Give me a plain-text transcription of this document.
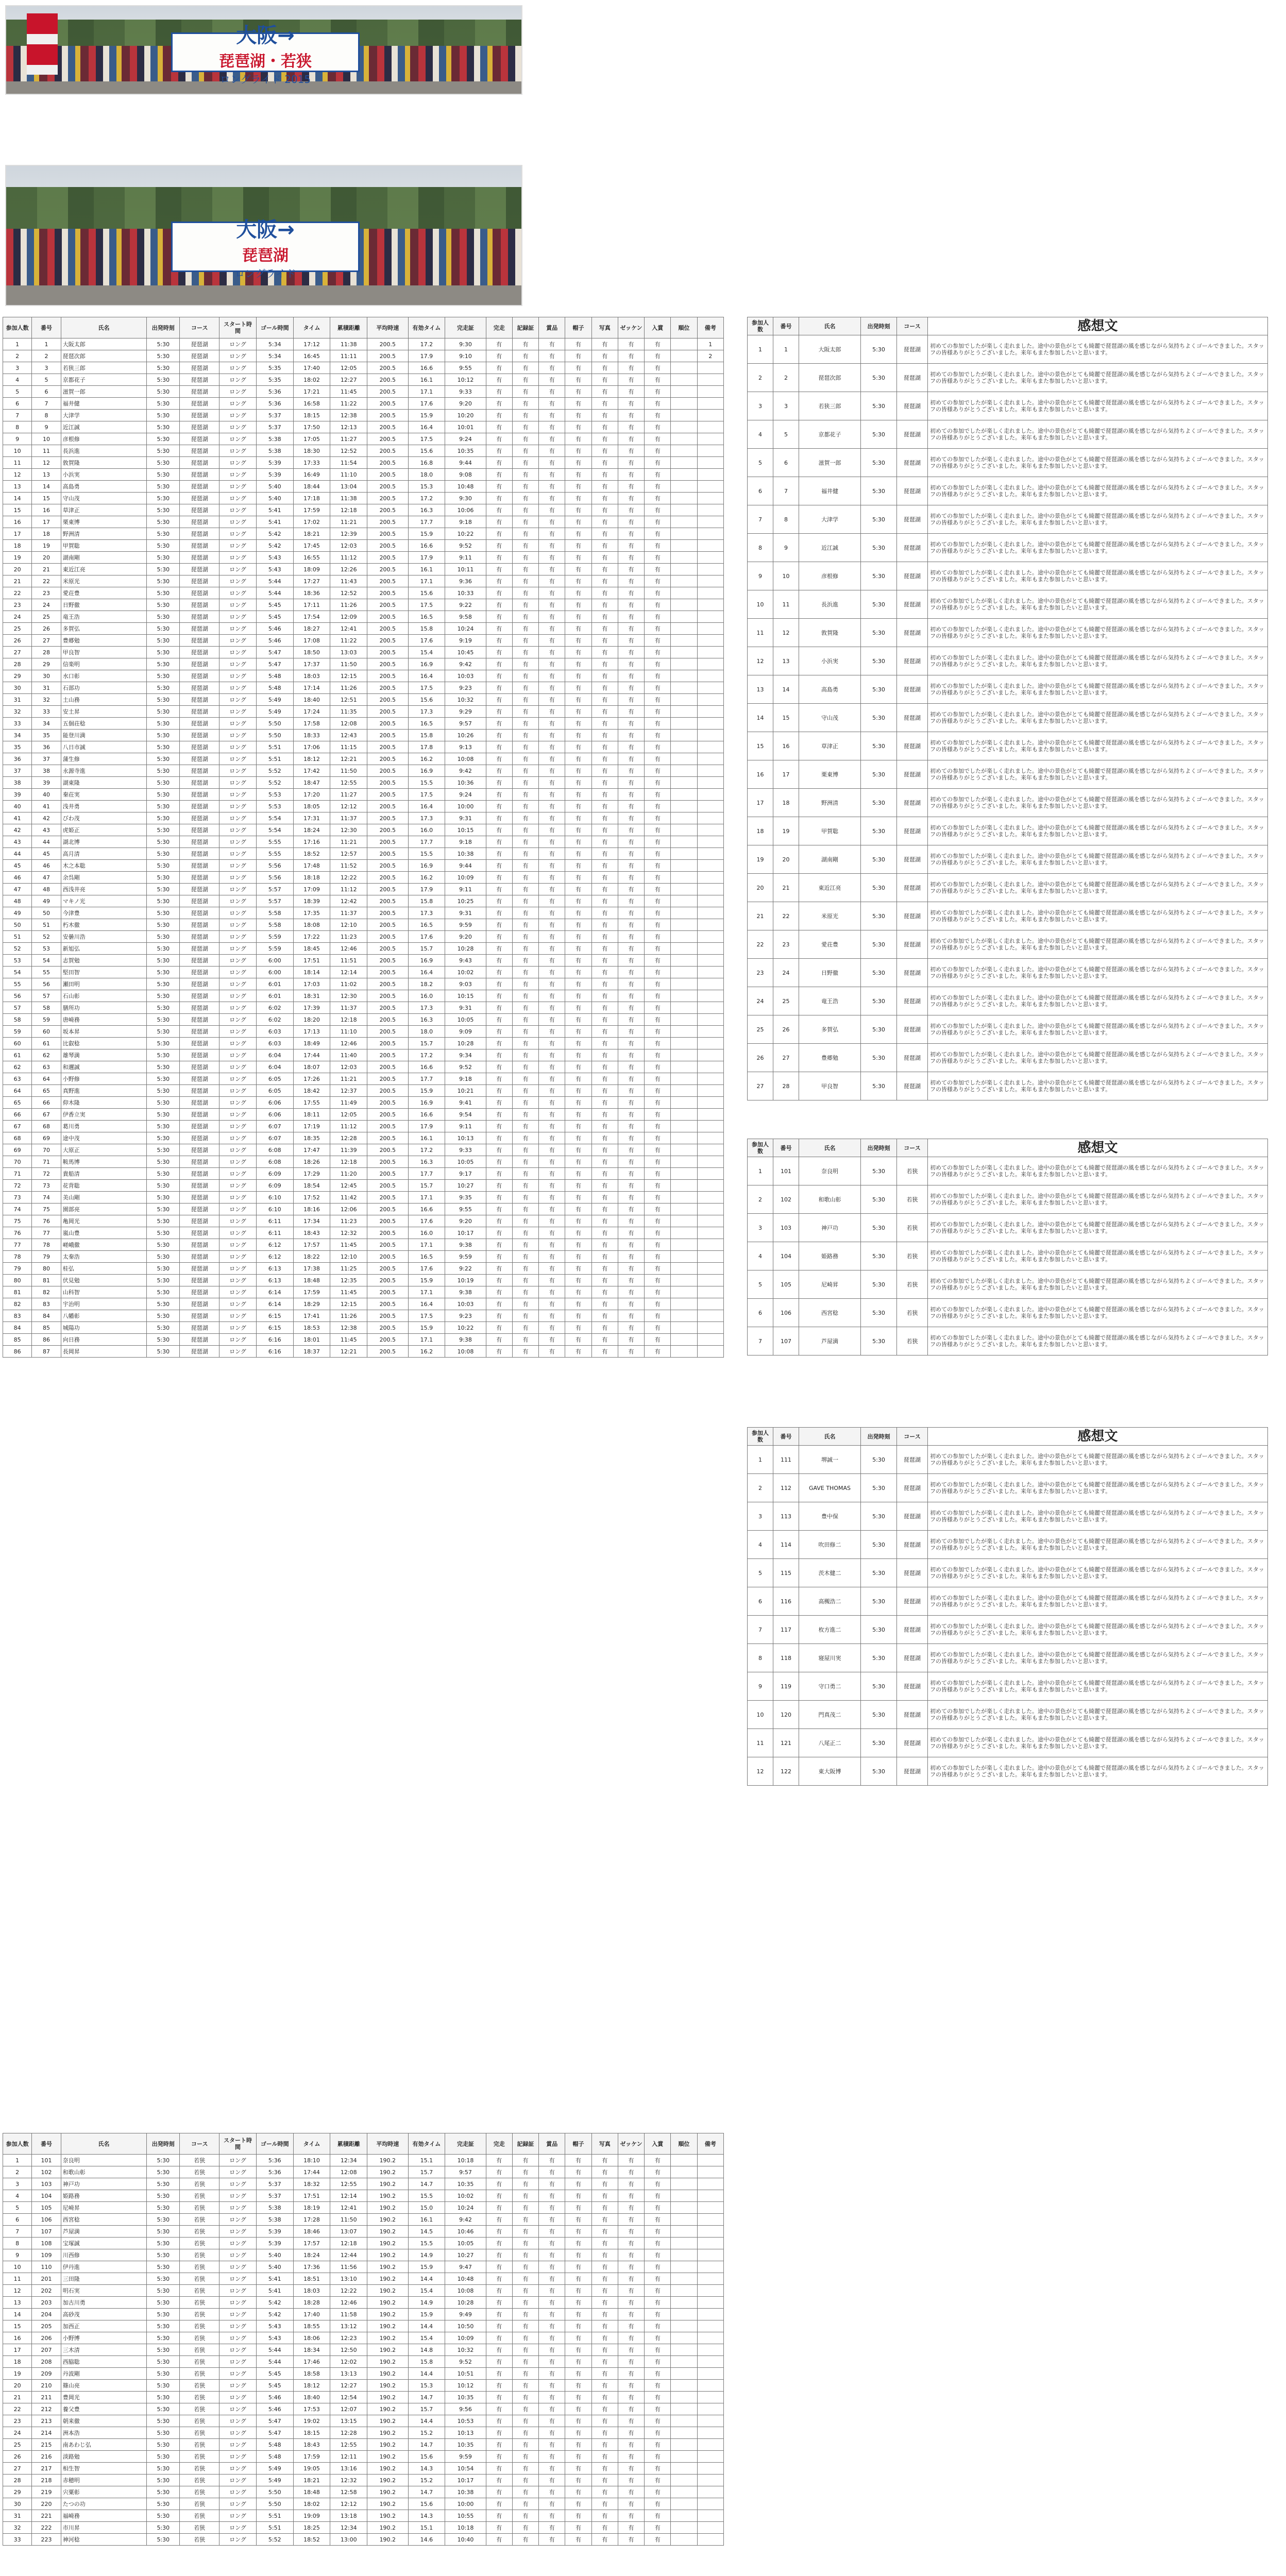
大阪→
琵琶湖・若狭
ロングライド 2015
大阪→
琵琶湖
ロングライド
参加人数	番号	氏名	出発時刻	コース	スタート時間	ゴール時間	タイム	累積距離	平均時速	有効タイム	完走証	完走	記録証	賞品	帽子	写真	ゼッケン	入賞	順位	備考
1	1	大阪太郎	5:30	琵琶湖	ロング	5:34	17:12	11:38	200.5	17.2	9:30	有	有	有	有	有	有	有		1
2	2	琵琶次郎	5:30	琵琶湖	ロング	5:34	16:45	11:11	200.5	17.9	9:10	有	有	有	有	有	有	有		2
3	3	若狭三郎	5:30	琵琶湖	ロング	5:35	17:40	12:05	200.5	16.6	9:55	有	有	有	有	有	有	有		
4	5	京都花子	5:30	琵琶湖	ロング	5:35	18:02	12:27	200.5	16.1	10:12	有	有	有	有	有	有	有		
5	6	滋賀一郎	5:30	琵琶湖	ロング	5:36	17:21	11:45	200.5	17.1	9:33	有	有	有	有	有	有	有		
6	7	福井健	5:30	琵琶湖	ロング	5:36	16:58	11:22	200.5	17.6	9:20	有	有	有	有	有	有	有		
7	8	大津学	5:30	琵琶湖	ロング	5:37	18:15	12:38	200.5	15.9	10:20	有	有	有	有	有	有	有		
8	9	近江誠	5:30	琵琶湖	ロング	5:37	17:50	12:13	200.5	16.4	10:01	有	有	有	有	有	有	有		
9	10	彦根修	5:30	琵琶湖	ロング	5:38	17:05	11:27	200.5	17.5	9:24	有	有	有	有	有	有	有		
10	11	長浜進	5:30	琵琶湖	ロング	5:38	18:30	12:52	200.5	15.6	10:35	有	有	有	有	有	有	有		
11	12	敦賀隆	5:30	琵琶湖	ロング	5:39	17:33	11:54	200.5	16.8	9:44	有	有	有	有	有	有	有		
12	13	小浜実	5:30	琵琶湖	ロング	5:39	16:49	11:10	200.5	18.0	9:08	有	有	有	有	有	有	有		
13	14	高島勇	5:30	琵琶湖	ロング	5:40	18:44	13:04	200.5	15.3	10:48	有	有	有	有	有	有	有		
14	15	守山茂	5:30	琵琶湖	ロング	5:40	17:18	11:38	200.5	17.2	9:30	有	有	有	有	有	有	有		
15	16	草津正	5:30	琵琶湖	ロング	5:41	17:59	12:18	200.5	16.3	10:06	有	有	有	有	有	有	有		
16	17	栗東博	5:30	琵琶湖	ロング	5:41	17:02	11:21	200.5	17.7	9:18	有	有	有	有	有	有	有		
17	18	野洲清	5:30	琵琶湖	ロング	5:42	18:21	12:39	200.5	15.9	10:22	有	有	有	有	有	有	有		
18	19	甲賀聡	5:30	琵琶湖	ロング	5:42	17:45	12:03	200.5	16.6	9:52	有	有	有	有	有	有	有		
19	20	湖南剛	5:30	琵琶湖	ロング	5:43	16:55	11:12	200.5	17.9	9:11	有	有	有	有	有	有	有		
20	21	東近江亮	5:30	琵琶湖	ロング	5:43	18:09	12:26	200.5	16.1	10:11	有	有	有	有	有	有	有		
21	22	米原光	5:30	琵琶湖	ロング	5:44	17:27	11:43	200.5	17.1	9:36	有	有	有	有	有	有	有		
22	23	愛荘豊	5:30	琵琶湖	ロング	5:44	18:36	12:52	200.5	15.6	10:33	有	有	有	有	有	有	有		
23	24	日野徹	5:30	琵琶湖	ロング	5:45	17:11	11:26	200.5	17.5	9:22	有	有	有	有	有	有	有		
24	25	竜王浩	5:30	琵琶湖	ロング	5:45	17:54	12:09	200.5	16.5	9:58	有	有	有	有	有	有	有		
25	26	多賀弘	5:30	琵琶湖	ロング	5:46	18:27	12:41	200.5	15.8	10:24	有	有	有	有	有	有	有		
26	27	豊郷勉	5:30	琵琶湖	ロング	5:46	17:08	11:22	200.5	17.6	9:19	有	有	有	有	有	有	有		
27	28	甲良智	5:30	琵琶湖	ロング	5:47	18:50	13:03	200.5	15.4	10:45	有	有	有	有	有	有	有		
28	29	信楽明	5:30	琵琶湖	ロング	5:47	17:37	11:50	200.5	16.9	9:42	有	有	有	有	有	有	有		
29	30	水口彰	5:30	琵琶湖	ロング	5:48	18:03	12:15	200.5	16.4	10:03	有	有	有	有	有	有	有		
30	31	石部功	5:30	琵琶湖	ロング	5:48	17:14	11:26	200.5	17.5	9:23	有	有	有	有	有	有	有		
31	32	土山務	5:30	琵琶湖	ロング	5:49	18:40	12:51	200.5	15.6	10:32	有	有	有	有	有	有	有		
32	33	安土昇	5:30	琵琶湖	ロング	5:49	17:24	11:35	200.5	17.3	9:29	有	有	有	有	有	有	有		
33	34	五個荘稔	5:30	琵琶湖	ロング	5:50	17:58	12:08	200.5	16.5	9:57	有	有	有	有	有	有	有		
34	35	能登川満	5:30	琵琶湖	ロング	5:50	18:33	12:43	200.5	15.8	10:26	有	有	有	有	有	有	有		
35	36	八日市誠	5:30	琵琶湖	ロング	5:51	17:06	11:15	200.5	17.8	9:13	有	有	有	有	有	有	有		
36	37	蒲生修	5:30	琵琶湖	ロング	5:51	18:12	12:21	200.5	16.2	10:08	有	有	有	有	有	有	有		
37	38	永源寺進	5:30	琵琶湖	ロング	5:52	17:42	11:50	200.5	16.9	9:42	有	有	有	有	有	有	有		
38	39	湖東隆	5:30	琵琶湖	ロング	5:52	18:47	12:55	200.5	15.5	10:36	有	有	有	有	有	有	有		
39	40	秦荘実	5:30	琵琶湖	ロング	5:53	17:20	11:27	200.5	17.5	9:24	有	有	有	有	有	有	有		
40	41	浅井勇	5:30	琵琶湖	ロング	5:53	18:05	12:12	200.5	16.4	10:00	有	有	有	有	有	有	有		
41	42	びわ茂	5:30	琵琶湖	ロング	5:54	17:31	11:37	200.5	17.3	9:31	有	有	有	有	有	有	有		
42	43	虎姫正	5:30	琵琶湖	ロング	5:54	18:24	12:30	200.5	16.0	10:15	有	有	有	有	有	有	有		
43	44	湖北博	5:30	琵琶湖	ロング	5:55	17:16	11:21	200.5	17.7	9:18	有	有	有	有	有	有	有		
44	45	高月清	5:30	琵琶湖	ロング	5:55	18:52	12:57	200.5	15.5	10:38	有	有	有	有	有	有	有		
45	46	木之本聡	5:30	琵琶湖	ロング	5:56	17:48	11:52	200.5	16.9	9:44	有	有	有	有	有	有	有		
46	47	余呉剛	5:30	琵琶湖	ロング	5:56	18:18	12:22	200.5	16.2	10:09	有	有	有	有	有	有	有		
47	48	西浅井亮	5:30	琵琶湖	ロング	5:57	17:09	11:12	200.5	17.9	9:11	有	有	有	有	有	有	有		
48	49	マキノ光	5:30	琵琶湖	ロング	5:57	18:39	12:42	200.5	15.8	10:25	有	有	有	有	有	有	有		
49	50	今津豊	5:30	琵琶湖	ロング	5:58	17:35	11:37	200.5	17.3	9:31	有	有	有	有	有	有	有		
50	51	朽木徹	5:30	琵琶湖	ロング	5:58	18:08	12:10	200.5	16.5	9:59	有	有	有	有	有	有	有		
51	52	安曇川浩	5:30	琵琶湖	ロング	5:59	17:22	11:23	200.5	17.6	9:20	有	有	有	有	有	有	有		
52	53	新旭弘	5:30	琵琶湖	ロング	5:59	18:45	12:46	200.5	15.7	10:28	有	有	有	有	有	有	有		
53	54	志賀勉	5:30	琵琶湖	ロング	6:00	17:51	11:51	200.5	16.9	9:43	有	有	有	有	有	有	有		
54	55	堅田智	5:30	琵琶湖	ロング	6:00	18:14	12:14	200.5	16.4	10:02	有	有	有	有	有	有	有		
55	56	瀬田明	5:30	琵琶湖	ロング	6:01	17:03	11:02	200.5	18.2	9:03	有	有	有	有	有	有	有		
56	57	石山彰	5:30	琵琶湖	ロング	6:01	18:31	12:30	200.5	16.0	10:15	有	有	有	有	有	有	有		
57	58	膳所功	5:30	琵琶湖	ロング	6:02	17:39	11:37	200.5	17.3	9:31	有	有	有	有	有	有	有		
58	59	唐崎務	5:30	琵琶湖	ロング	6:02	18:20	12:18	200.5	16.3	10:05	有	有	有	有	有	有	有		
59	60	坂本昇	5:30	琵琶湖	ロング	6:03	17:13	11:10	200.5	18.0	9:09	有	有	有	有	有	有	有		
60	61	比叡稔	5:30	琵琶湖	ロング	6:03	18:49	12:46	200.5	15.7	10:28	有	有	有	有	有	有	有		
61	62	雄琴満	5:30	琵琶湖	ロング	6:04	17:44	11:40	200.5	17.2	9:34	有	有	有	有	有	有	有		
62	63	和邇誠	5:30	琵琶湖	ロング	6:04	18:07	12:03	200.5	16.6	9:52	有	有	有	有	有	有	有		
63	64	小野修	5:30	琵琶湖	ロング	6:05	17:26	11:21	200.5	17.7	9:18	有	有	有	有	有	有	有		
64	65	真野進	5:30	琵琶湖	ロング	6:05	18:42	12:37	200.5	15.9	10:21	有	有	有	有	有	有	有		
65	66	仰木隆	5:30	琵琶湖	ロング	6:06	17:55	11:49	200.5	16.9	9:41	有	有	有	有	有	有	有		
66	67	伊香立実	5:30	琵琶湖	ロング	6:06	18:11	12:05	200.5	16.6	9:54	有	有	有	有	有	有	有		
67	68	葛川勇	5:30	琵琶湖	ロング	6:07	17:19	11:12	200.5	17.9	9:11	有	有	有	有	有	有	有		
68	69	途中茂	5:30	琵琶湖	ロング	6:07	18:35	12:28	200.5	16.1	10:13	有	有	有	有	有	有	有		
69	70	大原正	5:30	琵琶湖	ロング	6:08	17:47	11:39	200.5	17.2	9:33	有	有	有	有	有	有	有		
70	71	鞍馬博	5:30	琵琶湖	ロング	6:08	18:26	12:18	200.5	16.3	10:05	有	有	有	有	有	有	有		
71	72	貴船清	5:30	琵琶湖	ロング	6:09	17:29	11:20	200.5	17.7	9:17	有	有	有	有	有	有	有		
72	73	花背聡	5:30	琵琶湖	ロング	6:09	18:54	12:45	200.5	15.7	10:27	有	有	有	有	有	有	有		
73	74	美山剛	5:30	琵琶湖	ロング	6:10	17:52	11:42	200.5	17.1	9:35	有	有	有	有	有	有	有		
74	75	園部亮	5:30	琵琶湖	ロング	6:10	18:16	12:06	200.5	16.6	9:55	有	有	有	有	有	有	有		
75	76	亀岡光	5:30	琵琶湖	ロング	6:11	17:34	11:23	200.5	17.6	9:20	有	有	有	有	有	有	有		
76	77	嵐山豊	5:30	琵琶湖	ロング	6:11	18:43	12:32	200.5	16.0	10:17	有	有	有	有	有	有	有		
77	78	嵯峨徹	5:30	琵琶湖	ロング	6:12	17:57	11:45	200.5	17.1	9:38	有	有	有	有	有	有	有		
78	79	太秦浩	5:30	琵琶湖	ロング	6:12	18:22	12:10	200.5	16.5	9:59	有	有	有	有	有	有	有		
79	80	桂弘	5:30	琵琶湖	ロング	6:13	17:38	11:25	200.5	17.6	9:22	有	有	有	有	有	有	有		
80	81	伏見勉	5:30	琵琶湖	ロング	6:13	18:48	12:35	200.5	15.9	10:19	有	有	有	有	有	有	有		
81	82	山科智	5:30	琵琶湖	ロング	6:14	17:59	11:45	200.5	17.1	9:38	有	有	有	有	有	有	有		
82	83	宇治明	5:30	琵琶湖	ロング	6:14	18:29	12:15	200.5	16.4	10:03	有	有	有	有	有	有	有		
83	84	八幡彰	5:30	琵琶湖	ロング	6:15	17:41	11:26	200.5	17.5	9:23	有	有	有	有	有	有	有		
84	85	城陽功	5:30	琵琶湖	ロング	6:15	18:53	12:38	200.5	15.9	10:22	有	有	有	有	有	有	有		
85	86	向日務	5:30	琵琶湖	ロング	6:16	18:01	11:45	200.5	17.1	9:38	有	有	有	有	有	有	有		
86	87	長岡昇	5:30	琵琶湖	ロング	6:16	18:37	12:21	200.5	16.2	10:08	有	有	有	有	有	有	有		
参加人数	番号	氏名	出発時刻	コース	スタート時間	ゴール時間	タイム	累積距離	平均時速	有効タイム	完走証	完走	記録証	賞品	帽子	写真	ゼッケン	入賞	順位	備考
1	101	奈良明	5:30	若狭	ロング	5:36	18:10	12:34	190.2	15.1	10:18	有	有	有	有	有	有	有		
2	102	和歌山彰	5:30	若狭	ロング	5:36	17:44	12:08	190.2	15.7	9:57	有	有	有	有	有	有	有		
3	103	神戸功	5:30	若狭	ロング	5:37	18:32	12:55	190.2	14.7	10:35	有	有	有	有	有	有	有		
4	104	姫路務	5:30	若狭	ロング	5:37	17:51	12:14	190.2	15.5	10:02	有	有	有	有	有	有	有		
5	105	尼崎昇	5:30	若狭	ロング	5:38	18:19	12:41	190.2	15.0	10:24	有	有	有	有	有	有	有		
6	106	西宮稔	5:30	若狭	ロング	5:38	17:28	11:50	190.2	16.1	9:42	有	有	有	有	有	有	有		
7	107	芦屋満	5:30	若狭	ロング	5:39	18:46	13:07	190.2	14.5	10:46	有	有	有	有	有	有	有		
8	108	宝塚誠	5:30	若狭	ロング	5:39	17:57	12:18	190.2	15.5	10:05	有	有	有	有	有	有	有		
9	109	川西修	5:30	若狭	ロング	5:40	18:24	12:44	190.2	14.9	10:27	有	有	有	有	有	有	有		
10	110	伊丹進	5:30	若狭	ロング	5:40	17:36	11:56	190.2	15.9	9:47	有	有	有	有	有	有	有		
11	201	三田隆	5:30	若狭	ロング	5:41	18:51	13:10	190.2	14.4	10:48	有	有	有	有	有	有	有		
12	202	明石実	5:30	若狭	ロング	5:41	18:03	12:22	190.2	15.4	10:08	有	有	有	有	有	有	有		
13	203	加古川勇	5:30	若狭	ロング	5:42	18:28	12:46	190.2	14.9	10:28	有	有	有	有	有	有	有		
14	204	高砂茂	5:30	若狭	ロング	5:42	17:40	11:58	190.2	15.9	9:49	有	有	有	有	有	有	有		
15	205	加西正	5:30	若狭	ロング	5:43	18:55	13:12	190.2	14.4	10:50	有	有	有	有	有	有	有		
16	206	小野博	5:30	若狭	ロング	5:43	18:06	12:23	190.2	15.4	10:09	有	有	有	有	有	有	有		
17	207	三木清	5:30	若狭	ロング	5:44	18:34	12:50	190.2	14.8	10:32	有	有	有	有	有	有	有		
18	208	西脇聡	5:30	若狭	ロング	5:44	17:46	12:02	190.2	15.8	9:52	有	有	有	有	有	有	有		
19	209	丹波剛	5:30	若狭	ロング	5:45	18:58	13:13	190.2	14.4	10:51	有	有	有	有	有	有	有		
20	210	篠山亮	5:30	若狭	ロング	5:45	18:12	12:27	190.2	15.3	10:12	有	有	有	有	有	有	有		
21	211	豊岡光	5:30	若狭	ロング	5:46	18:40	12:54	190.2	14.7	10:35	有	有	有	有	有	有	有		
22	212	養父豊	5:30	若狭	ロング	5:46	17:53	12:07	190.2	15.7	9:56	有	有	有	有	有	有	有		
23	213	朝来徹	5:30	若狭	ロング	5:47	19:02	13:15	190.2	14.4	10:53	有	有	有	有	有	有	有		
24	214	洲本浩	5:30	若狭	ロング	5:47	18:15	12:28	190.2	15.2	10:13	有	有	有	有	有	有	有		
25	215	南あわじ弘	5:30	若狭	ロング	5:48	18:43	12:55	190.2	14.7	10:35	有	有	有	有	有	有	有		
26	216	淡路勉	5:30	若狭	ロング	5:48	17:59	12:11	190.2	15.6	9:59	有	有	有	有	有	有	有		
27	217	相生智	5:30	若狭	ロング	5:49	19:05	13:16	190.2	14.3	10:54	有	有	有	有	有	有	有		
28	218	赤穂明	5:30	若狭	ロング	5:49	18:21	12:32	190.2	15.2	10:17	有	有	有	有	有	有	有		
29	219	宍粟彰	5:30	若狭	ロング	5:50	18:48	12:58	190.2	14.7	10:38	有	有	有	有	有	有	有		
30	220	たつの功	5:30	若狭	ロング	5:50	18:02	12:12	190.2	15.6	10:00	有	有	有	有	有	有	有		
31	221	福崎務	5:30	若狭	ロング	5:51	19:09	13:18	190.2	14.3	10:55	有	有	有	有	有	有	有		
32	222	市川昇	5:30	若狭	ロング	5:51	18:25	12:34	190.2	15.1	10:18	有	有	有	有	有	有	有		
33	223	神河稔	5:30	若狭	ロング	5:52	18:52	13:00	190.2	14.6	10:40	有	有	有	有	有	有	有		

参加人数	番号	氏名	出発時刻	コース	感想文
1	1	大阪太郎	5:30	琵琶湖	初めての参加でしたが楽しく走れました。途中の景色がとても綺麗で琵琶湖の風を感じながら気持ちよくゴールできました。スタッフの皆様ありがとうございました。来年もまた参加したいと思います。
2	2	琵琶次郎	5:30	琵琶湖	初めての参加でしたが楽しく走れました。途中の景色がとても綺麗で琵琶湖の風を感じながら気持ちよくゴールできました。スタッフの皆様ありがとうございました。来年もまた参加したいと思います。
3	3	若狭三郎	5:30	琵琶湖	初めての参加でしたが楽しく走れました。途中の景色がとても綺麗で琵琶湖の風を感じながら気持ちよくゴールできました。スタッフの皆様ありがとうございました。来年もまた参加したいと思います。
4	5	京都花子	5:30	琵琶湖	初めての参加でしたが楽しく走れました。途中の景色がとても綺麗で琵琶湖の風を感じながら気持ちよくゴールできました。スタッフの皆様ありがとうございました。来年もまた参加したいと思います。
5	6	滋賀一郎	5:30	琵琶湖	初めての参加でしたが楽しく走れました。途中の景色がとても綺麗で琵琶湖の風を感じながら気持ちよくゴールできました。スタッフの皆様ありがとうございました。来年もまた参加したいと思います。
6	7	福井健	5:30	琵琶湖	初めての参加でしたが楽しく走れました。途中の景色がとても綺麗で琵琶湖の風を感じながら気持ちよくゴールできました。スタッフの皆様ありがとうございました。来年もまた参加したいと思います。
7	8	大津学	5:30	琵琶湖	初めての参加でしたが楽しく走れました。途中の景色がとても綺麗で琵琶湖の風を感じながら気持ちよくゴールできました。スタッフの皆様ありがとうございました。来年もまた参加したいと思います。
8	9	近江誠	5:30	琵琶湖	初めての参加でしたが楽しく走れました。途中の景色がとても綺麗で琵琶湖の風を感じながら気持ちよくゴールできました。スタッフの皆様ありがとうございました。来年もまた参加したいと思います。
9	10	彦根修	5:30	琵琶湖	初めての参加でしたが楽しく走れました。途中の景色がとても綺麗で琵琶湖の風を感じながら気持ちよくゴールできました。スタッフの皆様ありがとうございました。来年もまた参加したいと思います。
10	11	長浜進	5:30	琵琶湖	初めての参加でしたが楽しく走れました。途中の景色がとても綺麗で琵琶湖の風を感じながら気持ちよくゴールできました。スタッフの皆様ありがとうございました。来年もまた参加したいと思います。
11	12	敦賀隆	5:30	琵琶湖	初めての参加でしたが楽しく走れました。途中の景色がとても綺麗で琵琶湖の風を感じながら気持ちよくゴールできました。スタッフの皆様ありがとうございました。来年もまた参加したいと思います。
12	13	小浜実	5:30	琵琶湖	初めての参加でしたが楽しく走れました。途中の景色がとても綺麗で琵琶湖の風を感じながら気持ちよくゴールできました。スタッフの皆様ありがとうございました。来年もまた参加したいと思います。
13	14	高島勇	5:30	琵琶湖	初めての参加でしたが楽しく走れました。途中の景色がとても綺麗で琵琶湖の風を感じながら気持ちよくゴールできました。スタッフの皆様ありがとうございました。来年もまた参加したいと思います。
14	15	守山茂	5:30	琵琶湖	初めての参加でしたが楽しく走れました。途中の景色がとても綺麗で琵琶湖の風を感じながら気持ちよくゴールできました。スタッフの皆様ありがとうございました。来年もまた参加したいと思います。
15	16	草津正	5:30	琵琶湖	初めての参加でしたが楽しく走れました。途中の景色がとても綺麗で琵琶湖の風を感じながら気持ちよくゴールできました。スタッフの皆様ありがとうございました。来年もまた参加したいと思います。
16	17	栗東博	5:30	琵琶湖	初めての参加でしたが楽しく走れました。途中の景色がとても綺麗で琵琶湖の風を感じながら気持ちよくゴールできました。スタッフの皆様ありがとうございました。来年もまた参加したいと思います。
17	18	野洲清	5:30	琵琶湖	初めての参加でしたが楽しく走れました。途中の景色がとても綺麗で琵琶湖の風を感じながら気持ちよくゴールできました。スタッフの皆様ありがとうございました。来年もまた参加したいと思います。
18	19	甲賀聡	5:30	琵琶湖	初めての参加でしたが楽しく走れました。途中の景色がとても綺麗で琵琶湖の風を感じながら気持ちよくゴールできました。スタッフの皆様ありがとうございました。来年もまた参加したいと思います。
19	20	湖南剛	5:30	琵琶湖	初めての参加でしたが楽しく走れました。途中の景色がとても綺麗で琵琶湖の風を感じながら気持ちよくゴールできました。スタッフの皆様ありがとうございました。来年もまた参加したいと思います。
20	21	東近江亮	5:30	琵琶湖	初めての参加でしたが楽しく走れました。途中の景色がとても綺麗で琵琶湖の風を感じながら気持ちよくゴールできました。スタッフの皆様ありがとうございました。来年もまた参加したいと思います。
21	22	米原光	5:30	琵琶湖	初めての参加でしたが楽しく走れました。途中の景色がとても綺麗で琵琶湖の風を感じながら気持ちよくゴールできました。スタッフの皆様ありがとうございました。来年もまた参加したいと思います。
22	23	愛荘豊	5:30	琵琶湖	初めての参加でしたが楽しく走れました。途中の景色がとても綺麗で琵琶湖の風を感じながら気持ちよくゴールできました。スタッフの皆様ありがとうございました。来年もまた参加したいと思います。
23	24	日野徹	5:30	琵琶湖	初めての参加でしたが楽しく走れました。途中の景色がとても綺麗で琵琶湖の風を感じながら気持ちよくゴールできました。スタッフの皆様ありがとうございました。来年もまた参加したいと思います。
24	25	竜王浩	5:30	琵琶湖	初めての参加でしたが楽しく走れました。途中の景色がとても綺麗で琵琶湖の風を感じながら気持ちよくゴールできました。スタッフの皆様ありがとうございました。来年もまた参加したいと思います。
25	26	多賀弘	5:30	琵琶湖	初めての参加でしたが楽しく走れました。途中の景色がとても綺麗で琵琶湖の風を感じながら気持ちよくゴールできました。スタッフの皆様ありがとうございました。来年もまた参加したいと思います。
26	27	豊郷勉	5:30	琵琶湖	初めての参加でしたが楽しく走れました。途中の景色がとても綺麗で琵琶湖の風を感じながら気持ちよくゴールできました。スタッフの皆様ありがとうございました。来年もまた参加したいと思います。
27	28	甲良智	5:30	琵琶湖	初めての参加でしたが楽しく走れました。途中の景色がとても綺麗で琵琶湖の風を感じながら気持ちよくゴールできました。スタッフの皆様ありがとうございました。来年もまた参加したいと思います。
参加人数	番号	氏名	出発時刻	コース	感想文
1	101	奈良明	5:30	若狭	初めての参加でしたが楽しく走れました。途中の景色がとても綺麗で琵琶湖の風を感じながら気持ちよくゴールできました。スタッフの皆様ありがとうございました。来年もまた参加したいと思います。
2	102	和歌山彰	5:30	若狭	初めての参加でしたが楽しく走れました。途中の景色がとても綺麗で琵琶湖の風を感じながら気持ちよくゴールできました。スタッフの皆様ありがとうございました。来年もまた参加したいと思います。
3	103	神戸功	5:30	若狭	初めての参加でしたが楽しく走れました。途中の景色がとても綺麗で琵琶湖の風を感じながら気持ちよくゴールできました。スタッフの皆様ありがとうございました。来年もまた参加したいと思います。
4	104	姫路務	5:30	若狭	初めての参加でしたが楽しく走れました。途中の景色がとても綺麗で琵琶湖の風を感じながら気持ちよくゴールできました。スタッフの皆様ありがとうございました。来年もまた参加したいと思います。
5	105	尼崎昇	5:30	若狭	初めての参加でしたが楽しく走れました。途中の景色がとても綺麗で琵琶湖の風を感じながら気持ちよくゴールできました。スタッフの皆様ありがとうございました。来年もまた参加したいと思います。
6	106	西宮稔	5:30	若狭	初めての参加でしたが楽しく走れました。途中の景色がとても綺麗で琵琶湖の風を感じながら気持ちよくゴールできました。スタッフの皆様ありがとうございました。来年もまた参加したいと思います。
7	107	芦屋満	5:30	若狭	初めての参加でしたが楽しく走れました。途中の景色がとても綺麗で琵琶湖の風を感じながら気持ちよくゴールできました。スタッフの皆様ありがとうございました。来年もまた参加したいと思います。
参加人数	番号	氏名	出発時刻	コース	感想文
1	111	堺誠一	5:30	琵琶湖	初めての参加でしたが楽しく走れました。途中の景色がとても綺麗で琵琶湖の風を感じながら気持ちよくゴールできました。スタッフの皆様ありがとうございました。来年もまた参加したいと思います。
2	112	GAVE THOMAS	5:30	琵琶湖	初めての参加でしたが楽しく走れました。途中の景色がとても綺麗で琵琶湖の風を感じながら気持ちよくゴールできました。スタッフの皆様ありがとうございました。来年もまた参加したいと思います。
3	113	豊中保	5:30	琵琶湖	初めての参加でしたが楽しく走れました。途中の景色がとても綺麗で琵琶湖の風を感じながら気持ちよくゴールできました。スタッフの皆様ありがとうございました。来年もまた参加したいと思います。
4	114	吹田修二	5:30	琵琶湖	初めての参加でしたが楽しく走れました。途中の景色がとても綺麗で琵琶湖の風を感じながら気持ちよくゴールできました。スタッフの皆様ありがとうございました。来年もまた参加したいと思います。
5	115	茨木健二	5:30	琵琶湖	初めての参加でしたが楽しく走れました。途中の景色がとても綺麗で琵琶湖の風を感じながら気持ちよくゴールできました。スタッフの皆様ありがとうございました。来年もまた参加したいと思います。
6	116	高槻浩二	5:30	琵琶湖	初めての参加でしたが楽しく走れました。途中の景色がとても綺麗で琵琶湖の風を感じながら気持ちよくゴールできました。スタッフの皆様ありがとうございました。来年もまた参加したいと思います。
7	117	枚方進二	5:30	琵琶湖	初めての参加でしたが楽しく走れました。途中の景色がとても綺麗で琵琶湖の風を感じながら気持ちよくゴールできました。スタッフの皆様ありがとうございました。来年もまた参加したいと思います。
8	118	寝屋川実	5:30	琵琶湖	初めての参加でしたが楽しく走れました。途中の景色がとても綺麗で琵琶湖の風を感じながら気持ちよくゴールできました。スタッフの皆様ありがとうございました。来年もまた参加したいと思います。
9	119	守口勇二	5:30	琵琶湖	初めての参加でしたが楽しく走れました。途中の景色がとても綺麗で琵琶湖の風を感じながら気持ちよくゴールできました。スタッフの皆様ありがとうございました。来年もまた参加したいと思います。
10	120	門真茂二	5:30	琵琶湖	初めての参加でしたが楽しく走れました。途中の景色がとても綺麗で琵琶湖の風を感じながら気持ちよくゴールできました。スタッフの皆様ありがとうございました。来年もまた参加したいと思います。
11	121	八尾正二	5:30	琵琶湖	初めての参加でしたが楽しく走れました。途中の景色がとても綺麗で琵琶湖の風を感じながら気持ちよくゴールできました。スタッフの皆様ありがとうございました。来年もまた参加したいと思います。
12	122	東大阪博	5:30	琵琶湖	初めての参加でしたが楽しく走れました。途中の景色がとても綺麗で琵琶湖の風を感じながら気持ちよくゴールできました。スタッフの皆様ありがとうございました。来年もまた参加したいと思います。
